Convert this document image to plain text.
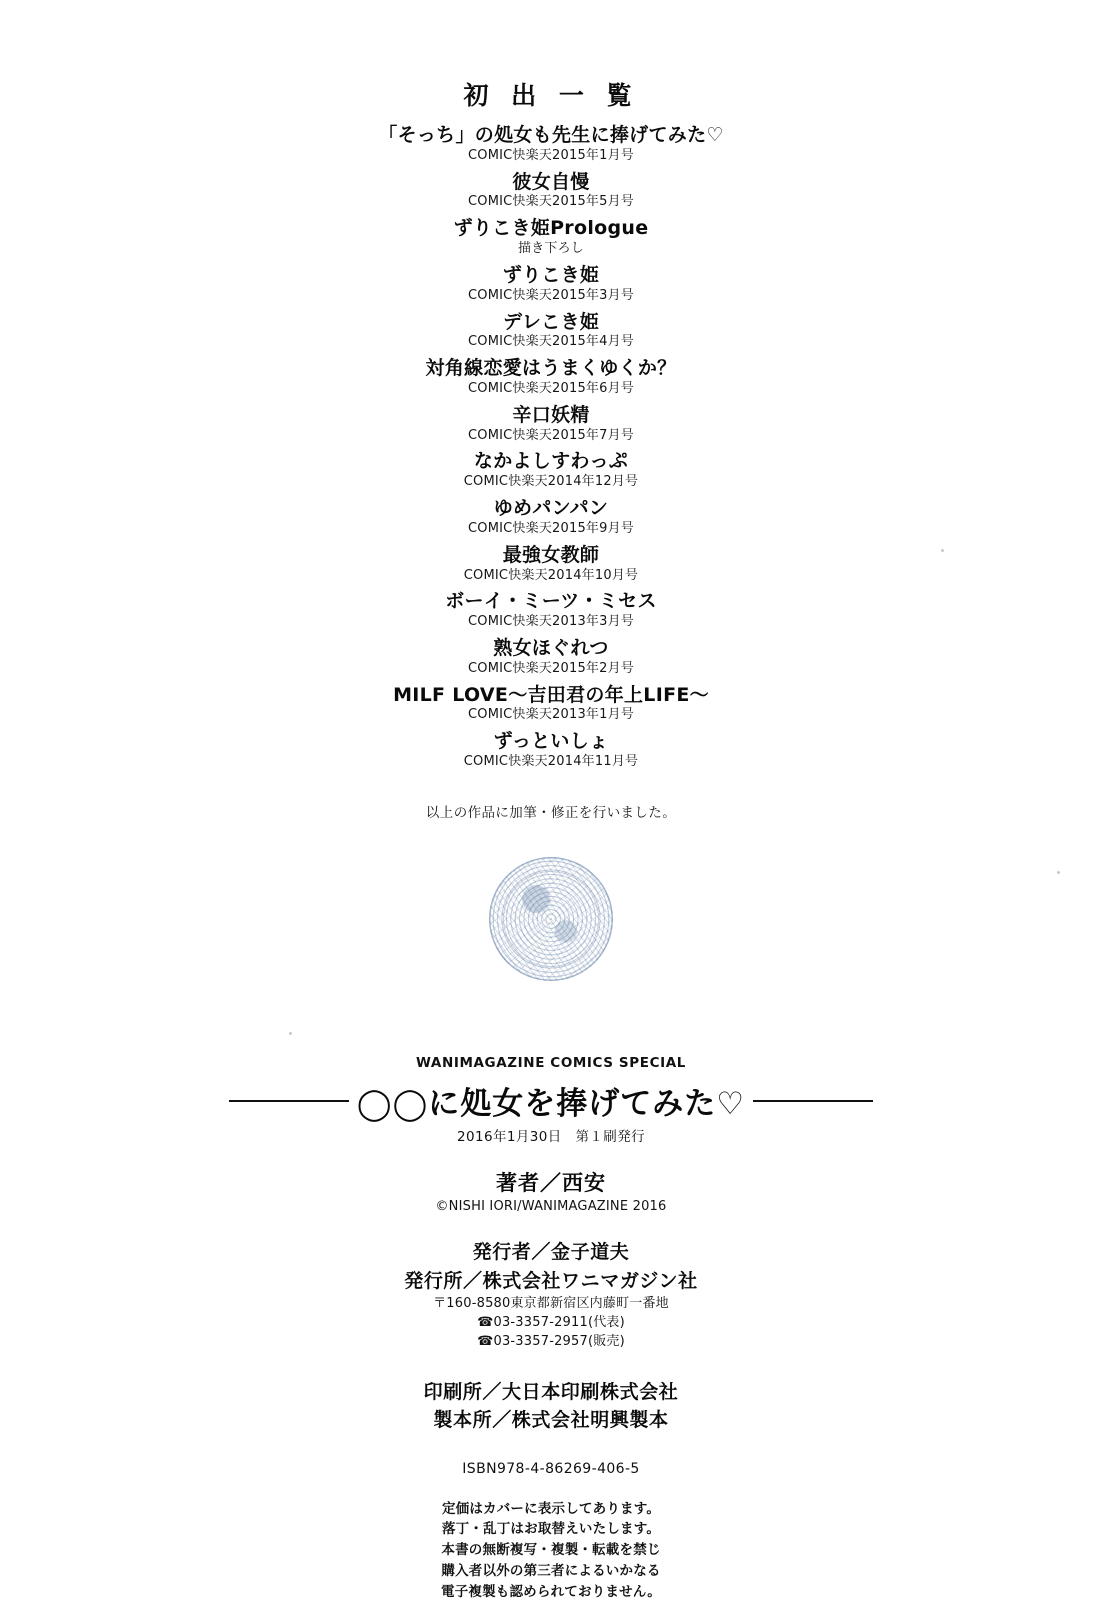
初 出 一 覧
「そっち」の処女も先生に捧げてみた♡
COMIC快楽天2015年1月号
彼女自慢
COMIC快楽天2015年5月号
ずりこき姫Prologue
描き下ろし
ずりこき姫
COMIC快楽天2015年3月号
デレこき姫
COMIC快楽天2015年4月号
対角線恋愛はうまくゆくか？
COMIC快楽天2015年6月号
辛口妖精
COMIC快楽天2015年7月号
なかよしすわっぷ
COMIC快楽天2014年12月号
ゆめパンパン
COMIC快楽天2015年9月号
最強女教師
COMIC快楽天2014年10月号
ボーイ・ミーツ・ミセス
COMIC快楽天2013年3月号
熟女ほぐれつ
COMIC快楽天2015年2月号
MILF LOVE〜吉田君の年上LIFE〜
COMIC快楽天2013年1月号
ずっといしょ
COMIC快楽天2014年11月号
以上の作品に加筆・修正を行いました。
WANIMAGAZINE COMICS SPECIAL
◯◯に処女を捧げてみた♡
2016年1月30日　第１刷発行
著者／西安
©NISHI IORI/WANIMAGAZINE 2016
発行者／金子道夫
発行所／株式会社ワニマガジン社
〒160-8580東京都新宿区内藤町一番地
☎03-3357-2911(代表)
☎03-3357-2957(販売)
印刷所／大日本印刷株式会社
製本所／株式会社明興製本
ISBN978-4-86269-406-5
定価はカバーに表示してあります。
落丁・乱丁はお取替えいたします。
本書の無断複写・複製・転載を禁じ
購入者以外の第三者によるいかなる
電子複製も認められておりません。
